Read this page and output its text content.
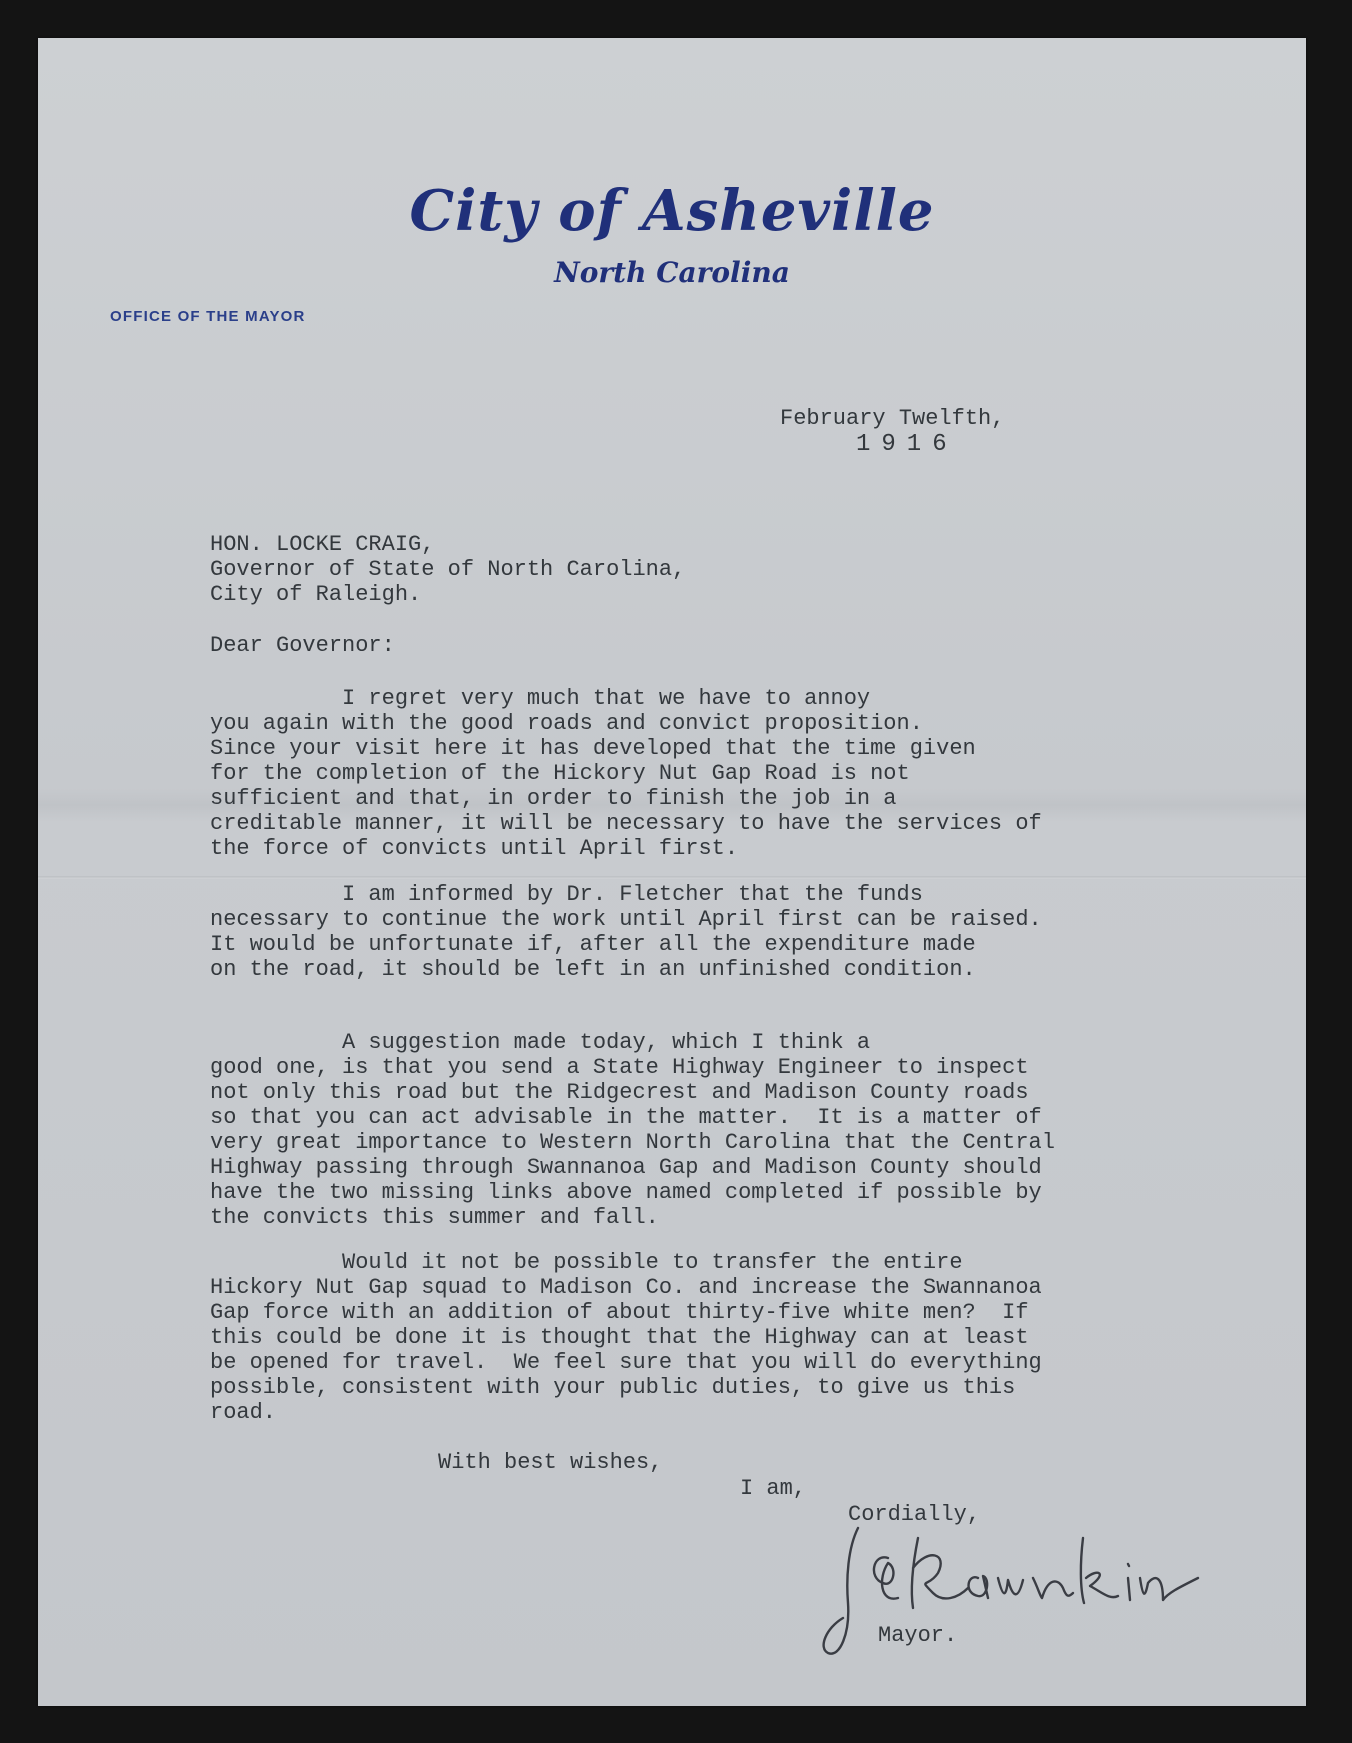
City of Asheville
North Carolina
OFFICE OF THE MAYOR
February Twelfth,
1916
HON. LOCKE CRAIG,
Governor of State of North Carolina,
City of Raleigh.
Dear Governor:
I regret very much that we have to annoy
you again with the good roads and convict proposition.
Since your visit here it has developed that the time given
for the completion of the Hickory Nut Gap Road is not
sufficient and that, in order to finish the job in a
creditable manner, it will be necessary to have the services of
the force of convicts until April first.
I am informed by Dr. Fletcher that the funds
necessary to continue the work until April first can be raised.
It would be unfortunate if, after all the expenditure made
on the road, it should be left in an unfinished condition.
A suggestion made today, which I think a
good one, is that you send a State Highway Engineer to inspect
not only this road but the Ridgecrest and Madison County roads
so that you can act advisable in the matter.  It is a matter of
very great importance to Western North Carolina that the Central
Highway passing through Swannanoa Gap and Madison County should
have the two missing links above named completed if possible by
the convicts this summer and fall.
Would it not be possible to transfer the entire
Hickory Nut Gap squad to Madison Co. and increase the Swannanoa
Gap force with an addition of about thirty-five white men?  If
this could be done it is thought that the Highway can at least
be opened for travel.  We feel sure that you will do everything
possible, consistent with your public duties, to give us this
road.
With best wishes,
I am,
Cordially,
Mayor.
